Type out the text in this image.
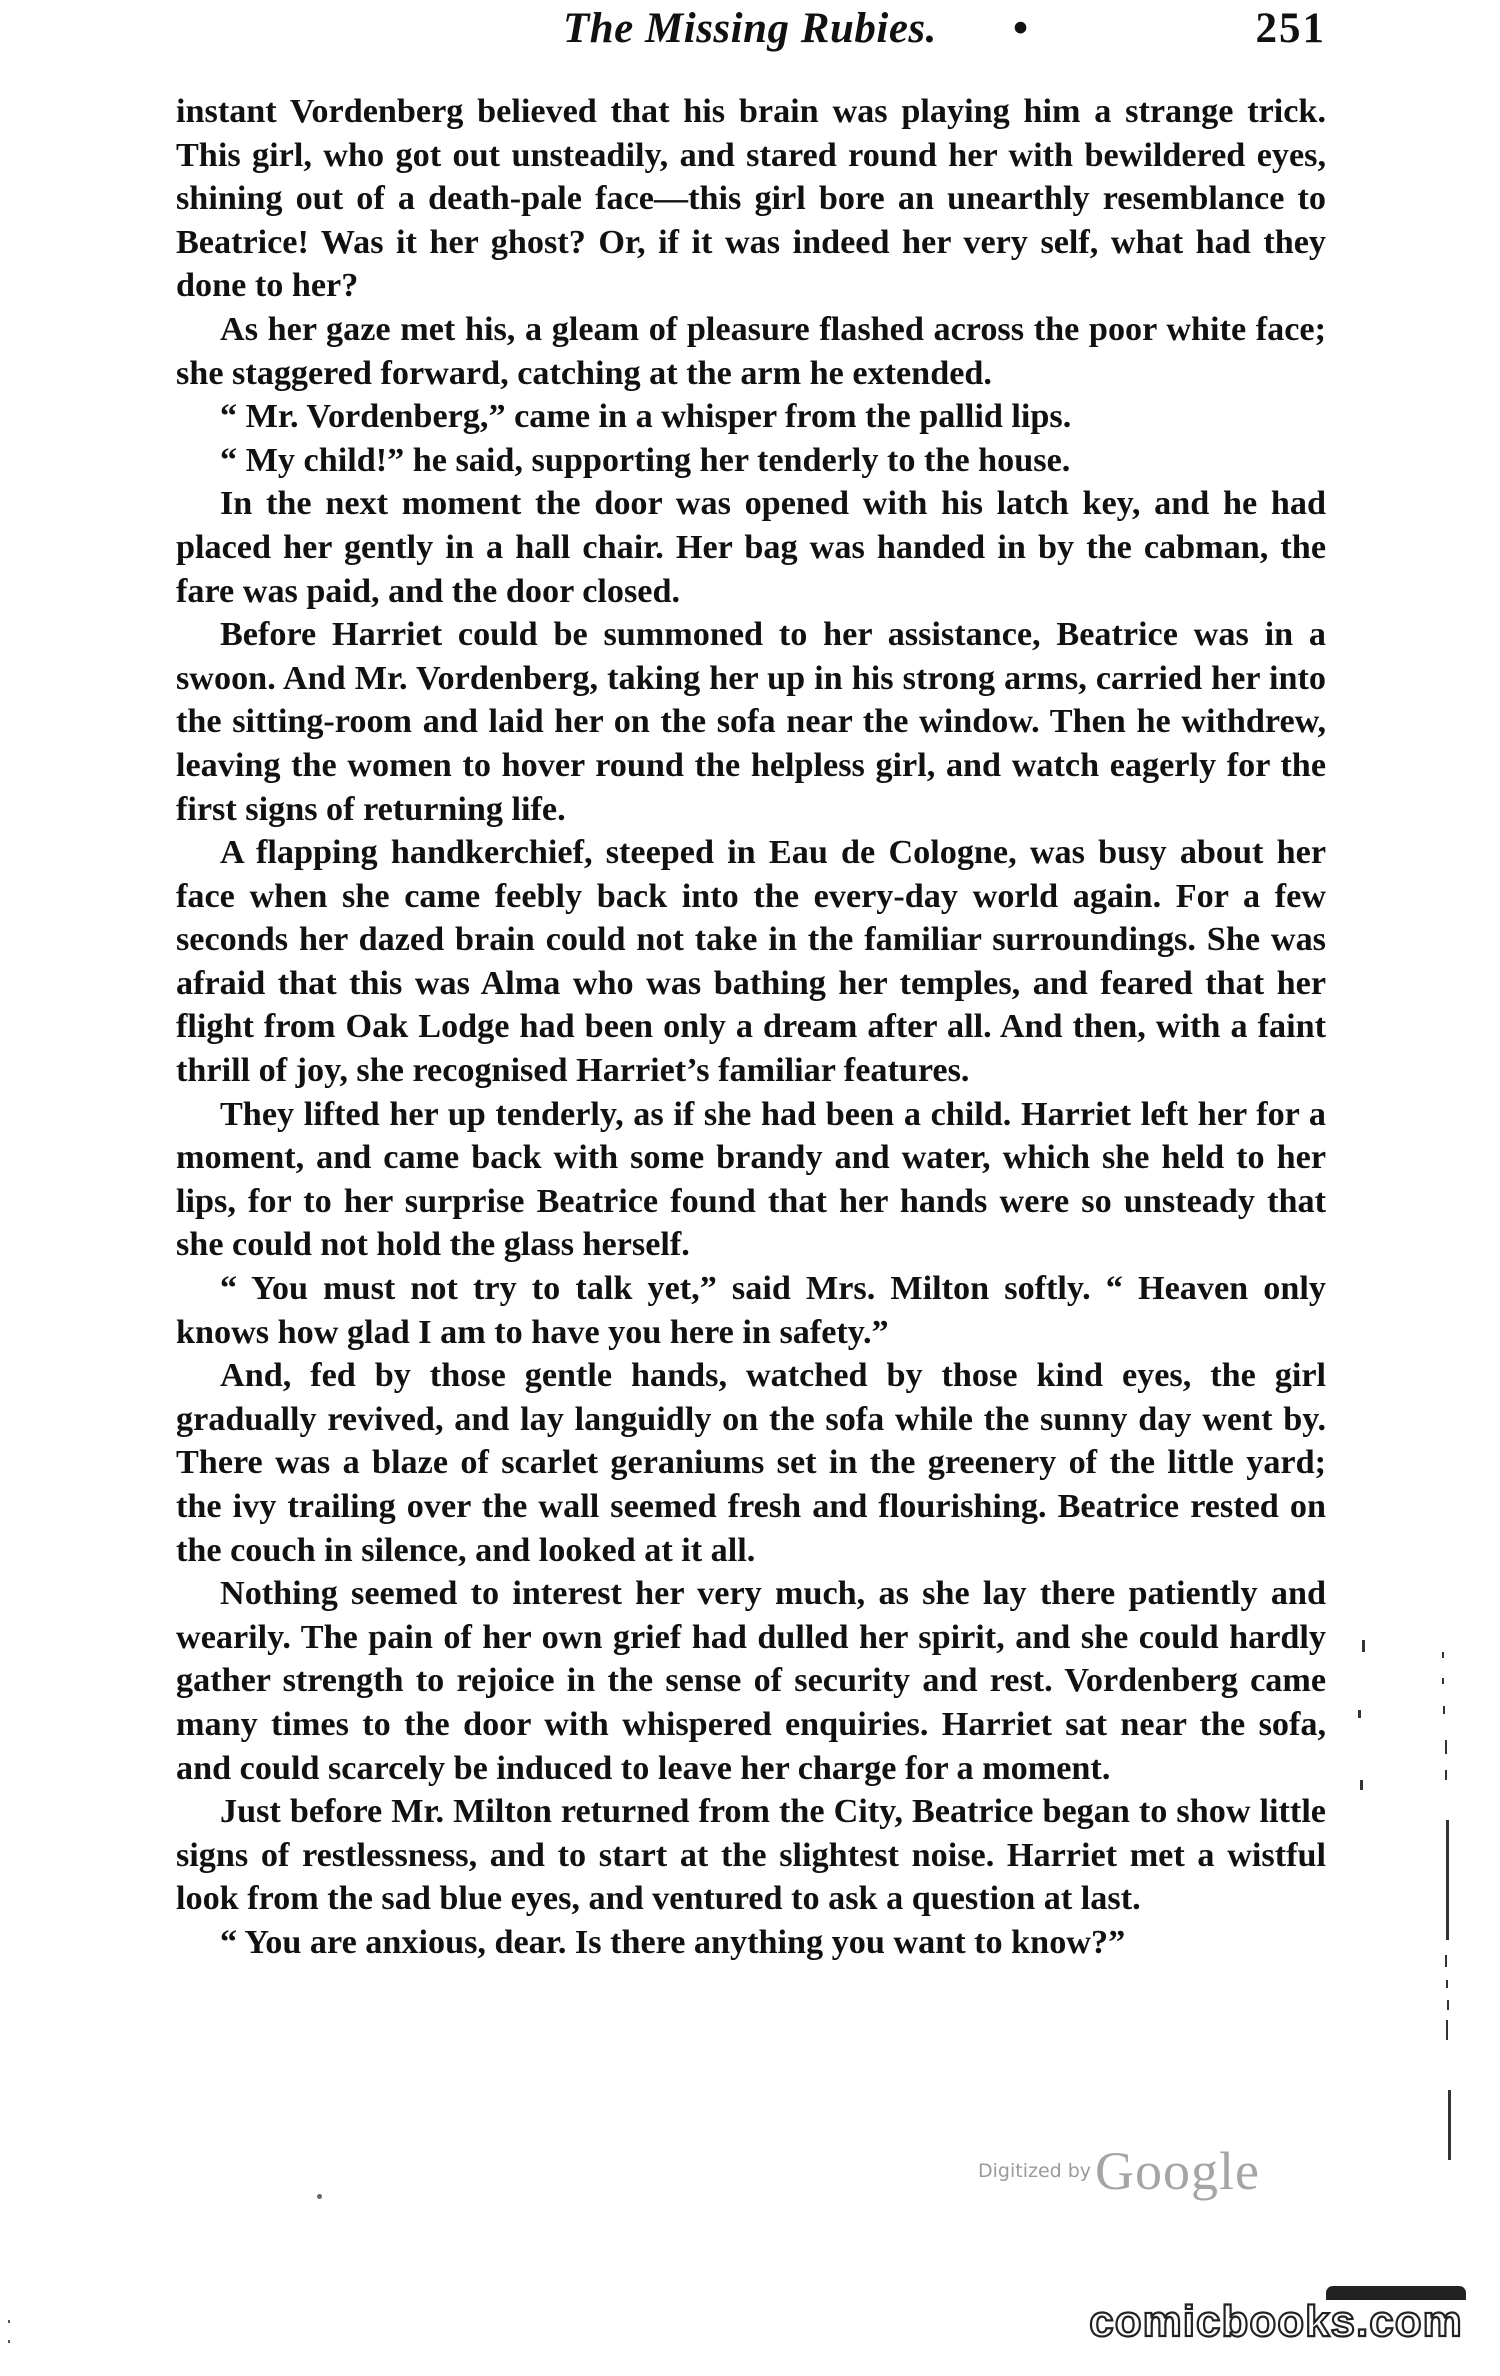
The Missing Rubies. •	251

instant Vordenberg believed that his brain was playing him a strange trick. This girl, who got out unsteadily, and stared round her with bewildered eyes, shining out of a death-pale face—this girl bore an unearthly resemblance to Beatrice! Was it her ghost? Or, if it was indeed her very self, what had they done to her?

As her gaze met his, a gleam of pleasure flashed across the poor white face; she staggered forward, catching at the arm he extended.

“ Mr. Vordenberg,” came in a whisper from the pallid lips.

“ My child!” he said, supporting her tenderly to the house.

In the next moment the door was opened with his latch key, and he had placed her gently in a hall chair. Her bag was handed in by the cabman, the fare was paid, and the door closed.

Before Harriet could be summoned to her assistance, Beatrice was in a swoon. And Mr. Vordenberg, taking her up in his strong arms, carried her into the sitting-room and laid her on the sofa near the window. Then he withdrew, leaving the women to hover round the helpless girl, and watch eagerly for the first signs of returning life.

A flapping handkerchief, steeped in Eau de Cologne, was busy about her face when she came feebly back into the every-day world again. For a few seconds her dazed brain could not take in the familiar surroundings. She was afraid that this was Alma who was bathing her temples, and feared that her flight from Oak Lodge had been only a dream after all. And then, with a faint thrill of joy, she recognised Harriet’s familiar features.

They lifted her up tenderly, as if she had been a child. Harriet left her for a moment, and came back with some brandy and water, which she held to her lips, for to her surprise Beatrice found that her hands were so unsteady that she could not hold the glass herself.

“ You must not try to talk yet,” said Mrs. Milton softly. “ Heaven only knows how glad I am to have you here in safety.”

And, fed by those gentle hands, watched by those kind eyes, the girl gradually revived, and lay languidly on the sofa while the sunny day went by. There was a blaze of scarlet geraniums set in the greenery of the little yard; the ivy trailing over the wall seemed fresh and flourishing. Beatrice rested on the couch in silence, and looked at it all.

Nothing seemed to interest her very much, as she lay there patiently and wearily. The pain of her own grief had dulled her spirit, and she could hardly gather strength to rejoice in the sense of security and rest. Vordenberg came many times to the door with whispered enquiries. Harriet sat near the sofa, and could scarcely be induced to leave her charge for a moment.

Just before Mr. Milton returned from the City, Beatrice began to show little signs of restlessness, and to start at the slightest noise. Harriet met a wistful look from the sad blue eyes, and ventured to ask a question at last.

“ You are anxious, dear. Is there anything you want to know?”

Digitized by Google
comicbooks.com
